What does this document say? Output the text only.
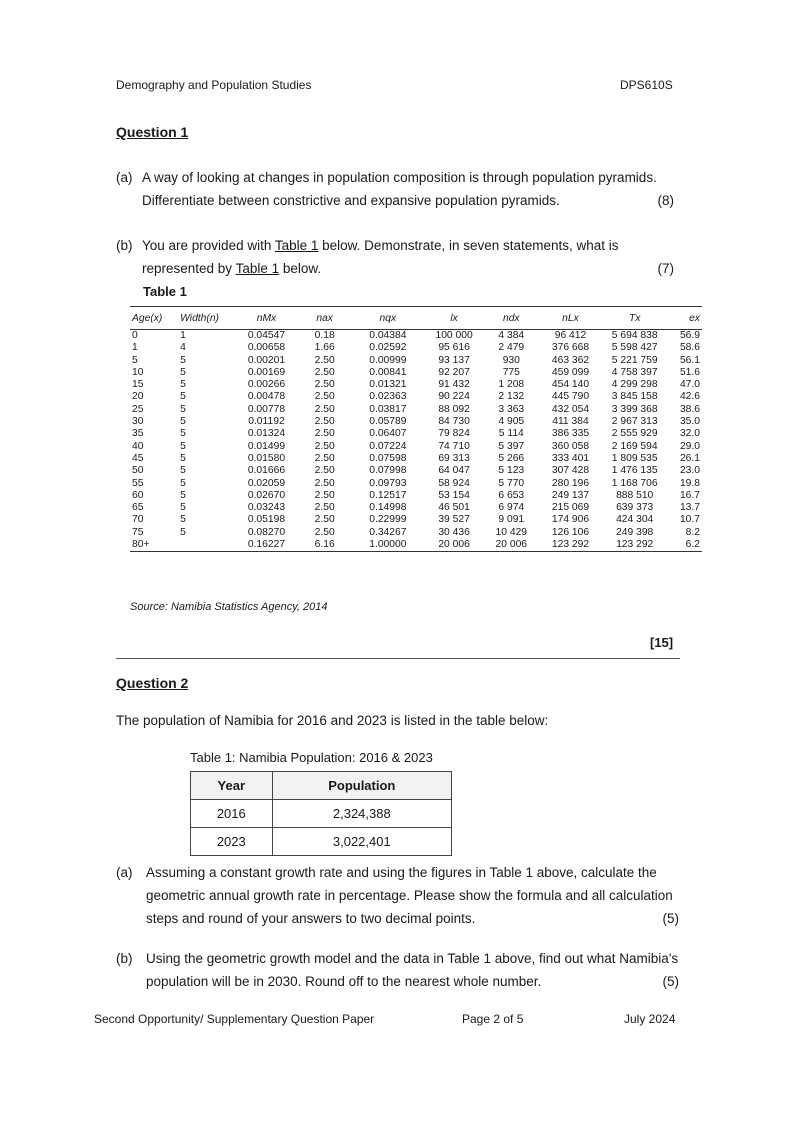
Demography and Population Studies	DPS610S
Question 1
(a) A way of looking at changes in population composition is through population pyramids.
Differentiate between constrictive and expansive population pyramids.	(8)
(b) You are provided with Table 1 below. Demonstrate, in seven statements, what is
represented by Table 1 below.	(7)
Table 1
Age(x)	Width(n)	nMx	nax	nqx	lx	ndx	nLx	Tx	ex
0	1	0.04547	0.18	0.04384	100 000	4 384	96 412	5 694 838	56.9
1	4	0.00658	1.66	0.02592	95 616	2 479	376 668	5 598 427	58.6
5	5	0.00201	2.50	0.00999	93 137	930	463 362	5 221 759	56.1
10	5	0.00169	2.50	0.00841	92 207	775	459 099	4 758 397	51.6
15	5	0.00266	2.50	0.01321	91 432	1 208	454 140	4 299 298	47.0
20	5	0.00478	2.50	0.02363	90 224	2 132	445 790	3 845 158	42.6
25	5	0.00778	2.50	0.03817	88 092	3 363	432 054	3 399 368	38.6
30	5	0.01192	2.50	0.05789	84 730	4 905	411 384	2 967 313	35.0
35	5	0.01324	2.50	0.06407	79 824	5 114	386 335	2 555 929	32.0
40	5	0.01499	2.50	0.07224	74 710	5 397	360 058	2 169 594	29.0
45	5	0.01580	2.50	0.07598	69 313	5 266	333 401	1 809 535	26.1
50	5	0.01666	2.50	0.07998	64 047	5 123	307 428	1 476 135	23.0
55	5	0.02059	2.50	0.09793	58 924	5 770	280 196	1 168 706	19.8
60	5	0.02670	2.50	0.12517	53 154	6 653	249 137	888 510	16.7
65	5	0.03243	2.50	0.14998	46 501	6 974	215 069	639 373	13.7
70	5	0.05198	2.50	0.22999	39 527	9 091	174 906	424 304	10.7
75	5	0.08270	2.50	0.34267	30 436	10 429	126 106	249 398	8.2
80+		0.16227	6.16	1.00000	20 006	20 006	123 292	123 292	6.2
Source: Namibia Statistics Agency, 2014
[15]
Question 2
The population of Namibia for 2016 and 2023 is listed in the table below:
Table 1: Namibia Population: 2016 & 2023
Year	Population
2016	2,324,388
2023	3,022,401
(a) Assuming a constant growth rate and using the figures in Table 1 above, calculate the
geometric annual growth rate in percentage. Please show the formula and all calculation
steps and round of your answers to two decimal points.	(5)
(b) Using the geometric growth model and the data in Table 1 above, find out what Namibia's
population will be in 2030. Round off to the nearest whole number.	(5)
Second Opportunity/ Supplementary Question Paper	Page 2 of 5	July 2024
